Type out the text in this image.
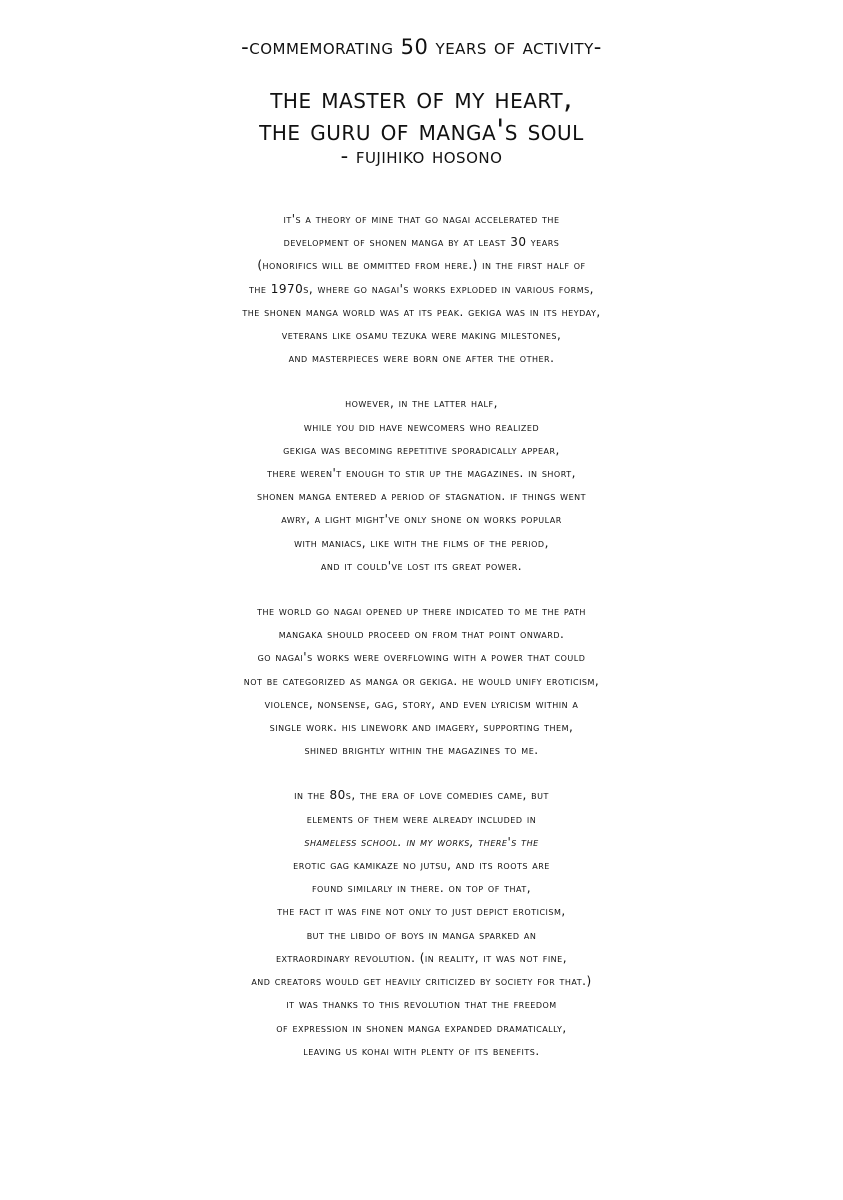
-commemorating 50 years of activity-
the master of my heart,
the guru of manga's soul
- fujihiko hosono
it's a theory of mine that go nagai accelerated the
development of shonen manga by at least 30 years
(honorifics will be ommitted from here.) in the first half of
the 1970s, where go nagai's works exploded in various forms,
the shonen manga world was at its peak. gekiga was in its heyday,
veterans like osamu tezuka were making milestones,
and masterpieces were born one after the other.
however, in the latter half,
while you did have newcomers who realized
gekiga was becoming repetitive sporadically appear,
there weren't enough to stir up the magazines. in short,
shonen manga entered a period of stagnation. if things went
awry, a light might've only shone on works popular
with maniacs, like with the films of the period,
and it could've lost its great power.
the world go nagai opened up there indicated to me the path
mangaka should proceed on from that point onward.
go nagai's works were overflowing with a power that could
not be categorized as manga or gekiga. he would unify eroticism,
violence, nonsense, gag, story, and even lyricism within a
single work. his linework and imagery, supporting them,
shined brightly within the magazines to me.
in the 80s, the era of love comedies came, but
elements of them were already included in
shameless school. in my works, there's the
erotic gag kamikaze no jutsu, and its roots are
found similarly in there. on top of that,
the fact it was fine not only to just depict eroticism,
but the libido of boys in manga sparked an
extraordinary revolution. (in reality, it was not fine,
and creators would get heavily criticized by society for that.)
it was thanks to this revolution that the freedom
of expression in shonen manga expanded dramatically,
leaving us kohai with plenty of its benefits.
